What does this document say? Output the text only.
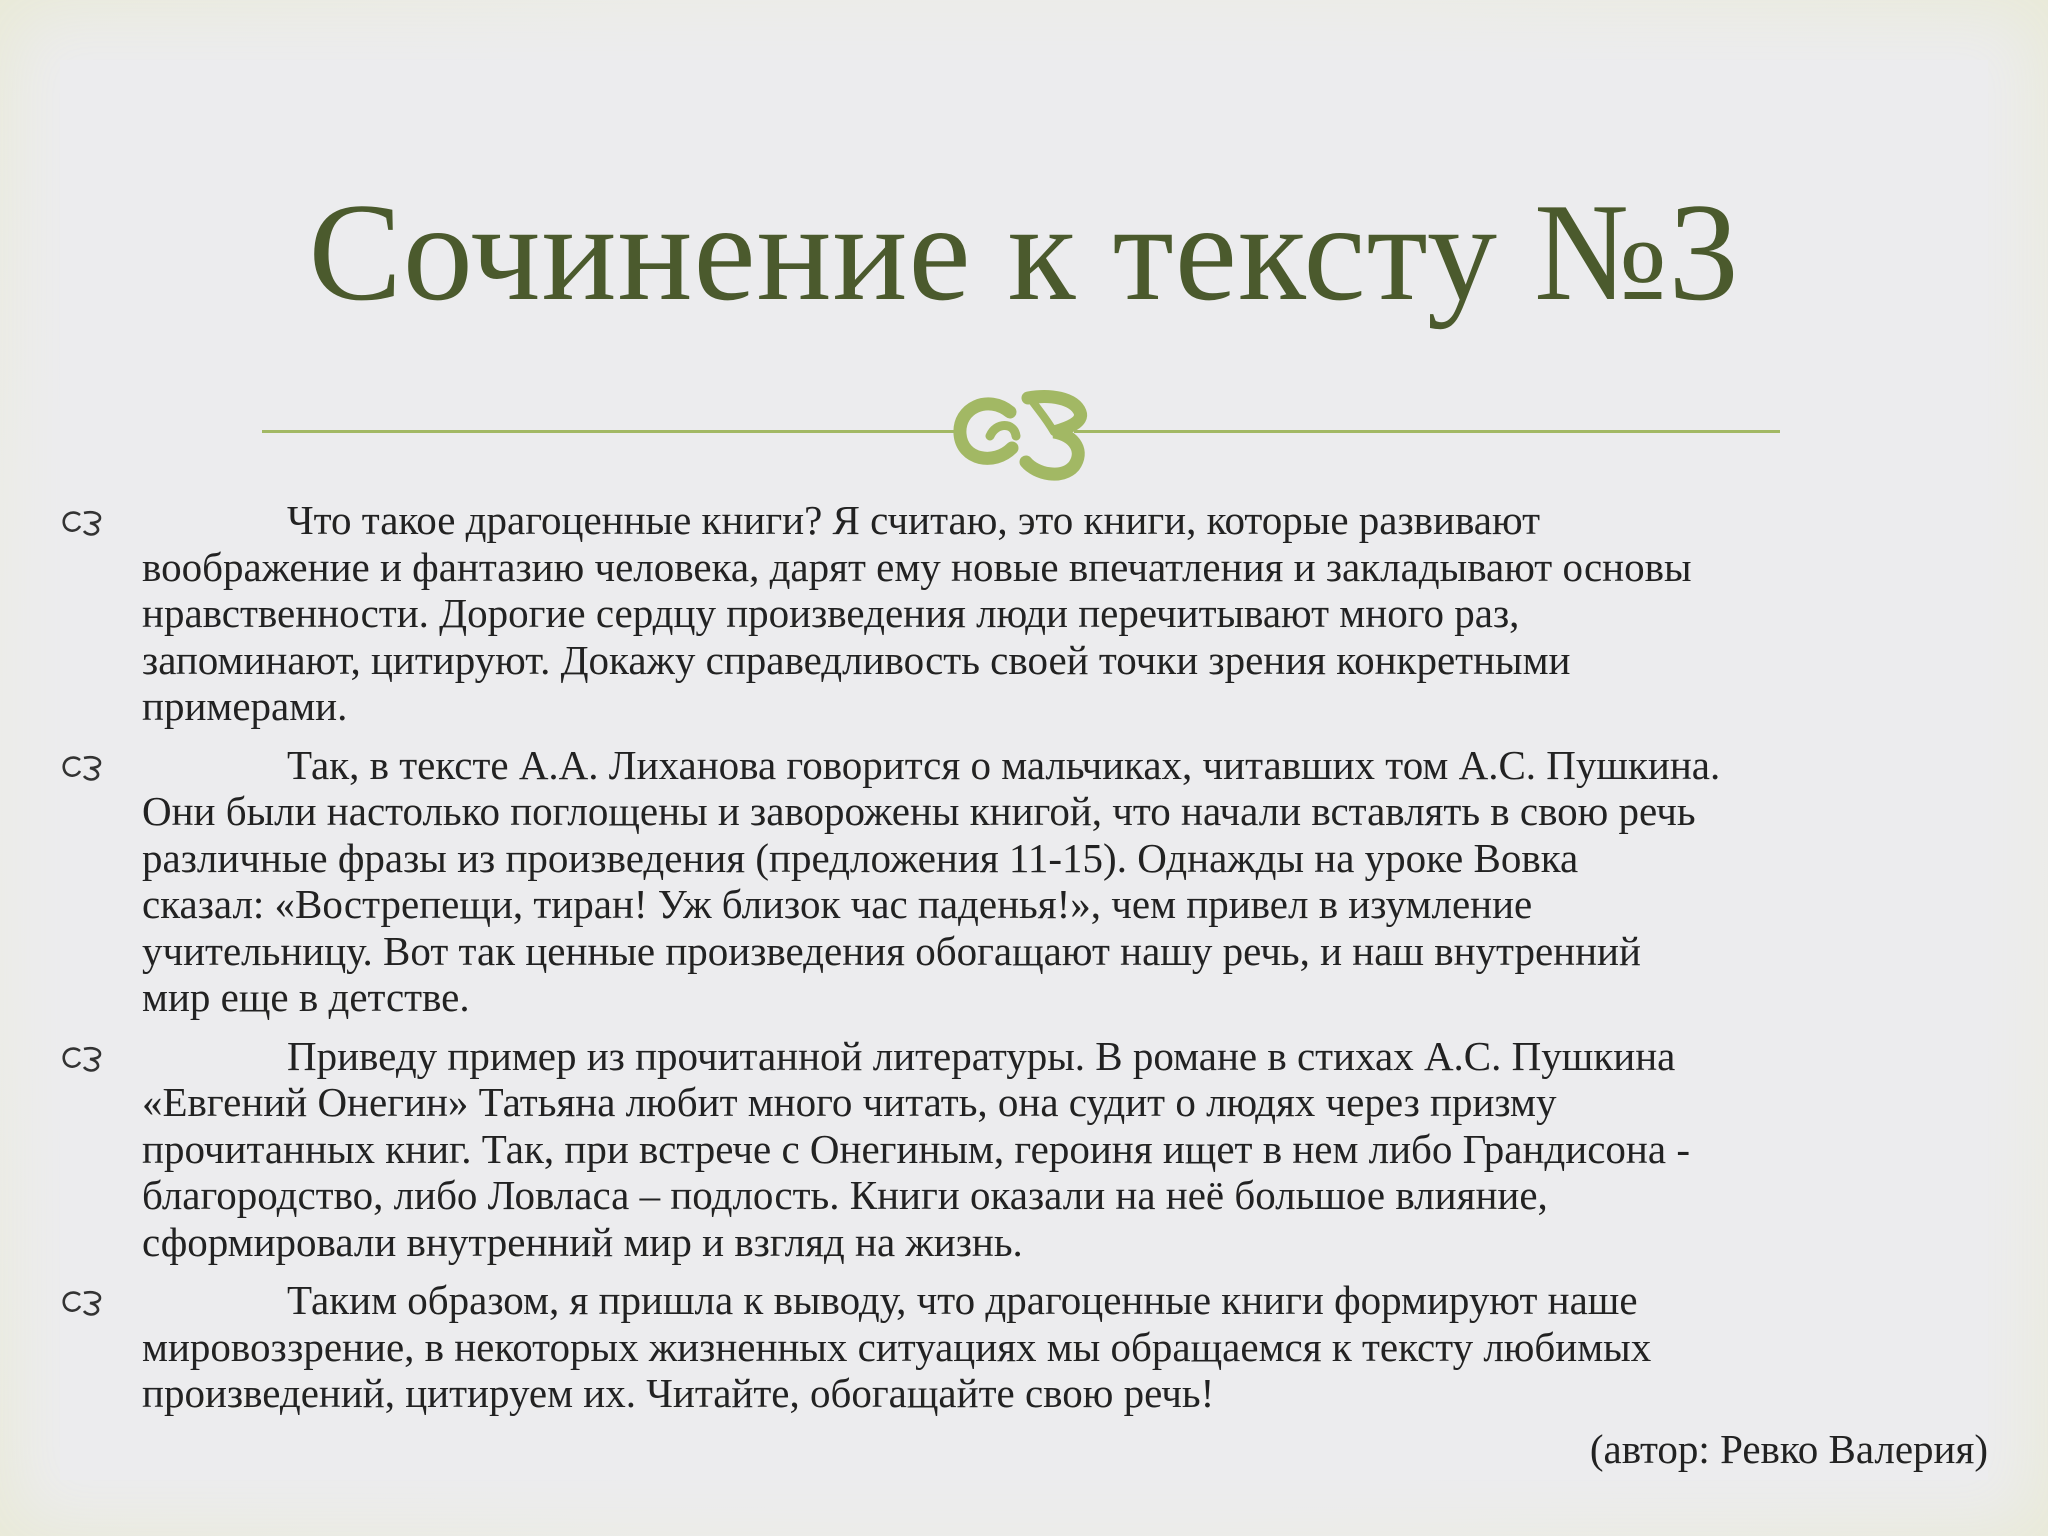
Сочинение к тексту №3
Что такое драгоценные книги? Я считаю, это книги, которые развивают
воображение и фантазию человека, дарят ему новые впечатления и закладывают основы
нравственности. Дорогие сердцу произведения люди перечитывают много раз,
запоминают, цитируют. Докажу справедливость своей точки зрения конкретными
примерами.
Так, в тексте А.А. Лиханова говорится о мальчиках, читавших том А.С. Пушкина.
Они были настолько поглощены и заворожены книгой, что начали вставлять в свою речь
различные фразы из произведения (предложения 11-15). Однажды на уроке Вовка
сказал: «Вострепещи, тиран! Уж близок час паденья!», чем привел в изумление
учительницу. Вот так ценные произведения обогащают нашу речь, и наш внутренний
мир еще в детстве.
Приведу пример из прочитанной литературы. В романе в стихах А.С. Пушкина
«Евгений Онегин» Татьяна любит много читать, она судит о людях через призму
прочитанных книг. Так, при встрече с Онегиным, героиня ищет в нем либо Грандисона -
благородство, либо Ловласа – подлость. Книги оказали на неё большое влияние,
сформировали внутренний мир и взгляд на жизнь.
Таким образом, я пришла к выводу, что драгоценные книги формируют наше
мировоззрение, в некоторых жизненных ситуациях мы обращаемся к тексту любимых
произведений, цитируем их. Читайте, обогащайте свою речь!
(автор: Ревко Валерия)
